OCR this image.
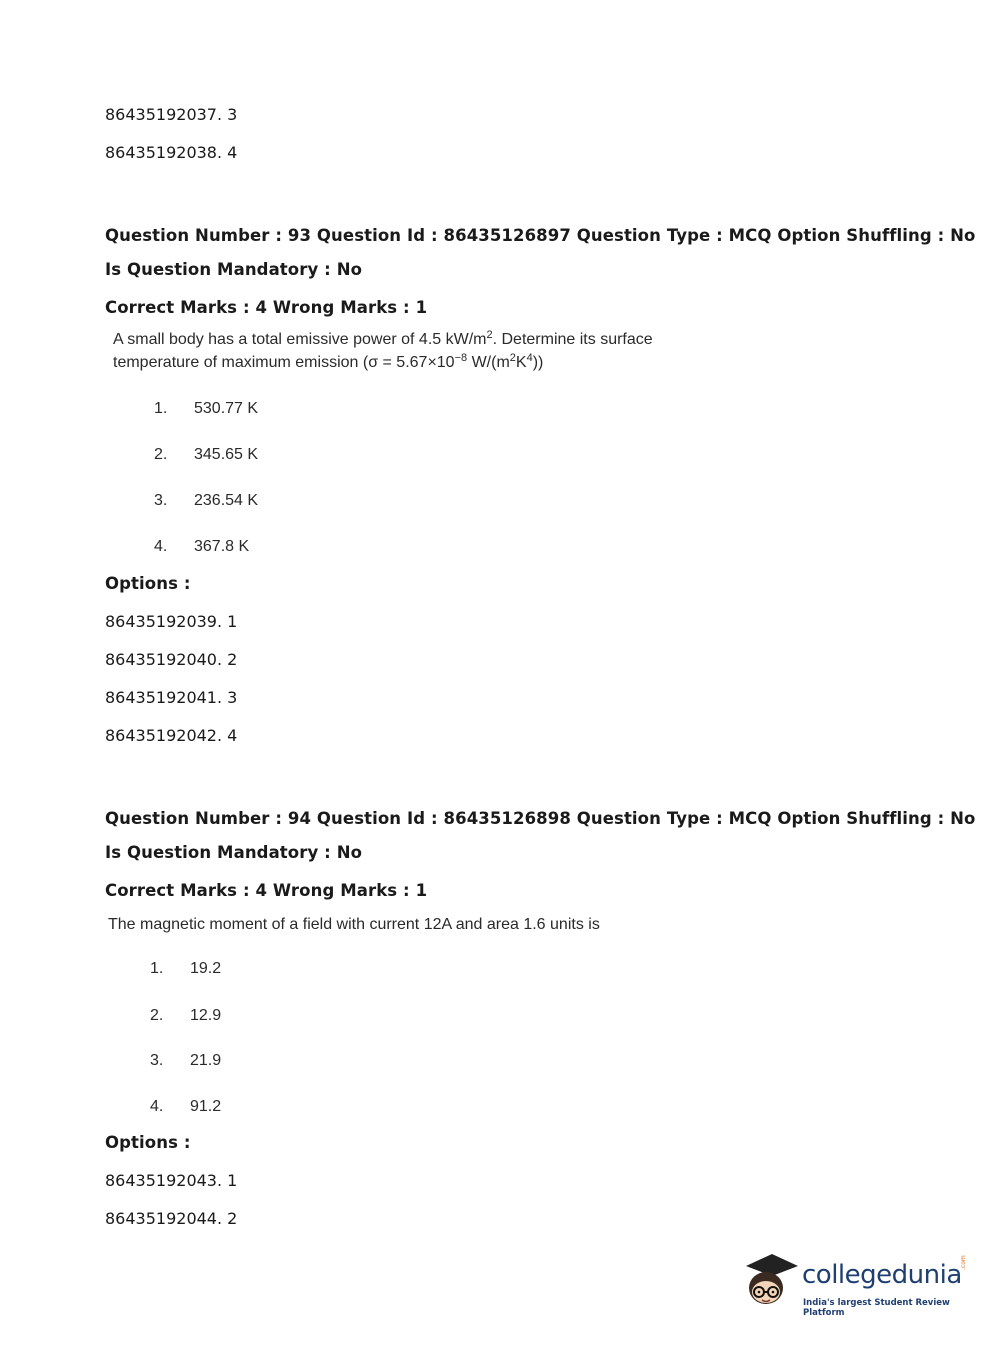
86435192037. 3
86435192038. 4
Question Number : 93 Question Id : 86435126897 Question Type : MCQ Option Shuffling : No
Is Question Mandatory : No
Correct Marks : 4 Wrong Marks : 1
A small body has a total emissive power of 4.5 $kW/m^2$. Determine its surface
temperature of maximum emission ($\sigma = 5.67\times 10^{-8}$ $W/(m^2K^4)$)
1. 530.77 K
2. 345.65 K
3. 236.54 K
4. 367.8 K
Options :
86435192039. 1
86435192040. 2
86435192041. 3
86435192042. 4
Question Number : 94 Question Id : 86435126898 Question Type : MCQ Option Shuffling : No
Is Question Mandatory : No
Correct Marks : 4 Wrong Marks : 1
The magnetic moment of a field with current 12A and area 1.6 units is
1. 19.2
2. 12.9
3. 21.9
4. 91.2
Options :
86435192043. 1
86435192044. 2
collegedunia
.com
India's largest Student Review Platform
